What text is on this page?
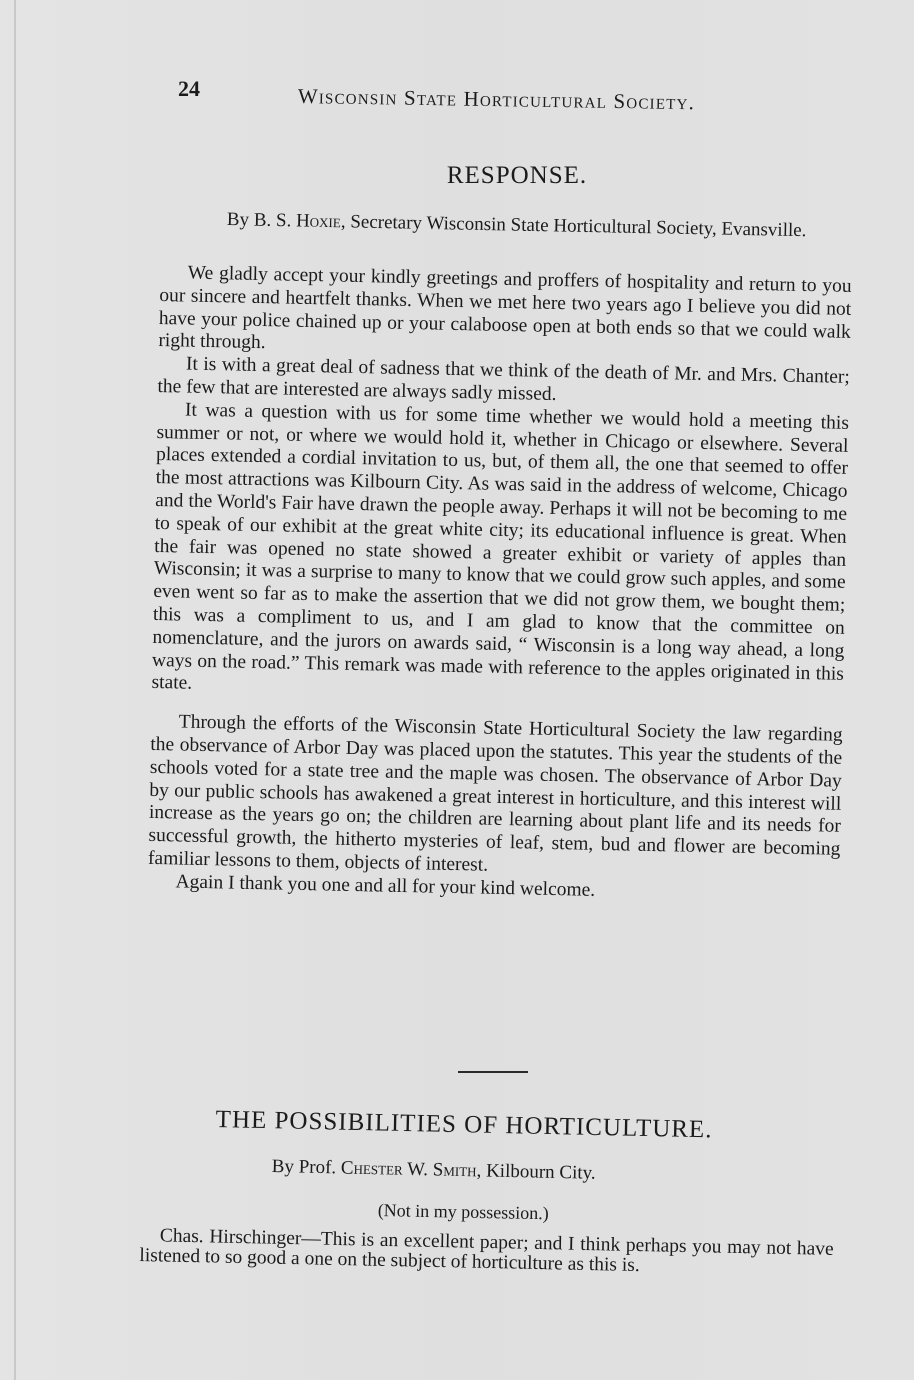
24	Wisconsin State Horticultural Society.
RESPONSE.
By B. S. Hoxie, Secretary Wisconsin State Horticultural Society, Evansville.

We gladly accept your kindly greetings and proffers of hospitality and return to you our sincere and heartfelt thanks. When we met here two years ago I believe you did not have your police chained up or your calaboose open at both ends so that we could walk right through.

It is with a great deal of sadness that we think of the death of Mr. and Mrs. Chanter; the few that are interested are always sadly missed.

It was a question with us for some time whether we would hold a meeting this summer or not, or where we would hold it, whether in Chicago or elsewhere. Several places extended a cordial invitation to us, but, of them all, the one that seemed to offer the most attractions was Kilbourn City. As was said in the address of welcome, Chicago and the World's Fair have drawn the people away. Perhaps it will not be becoming to me to speak of our exhibit at the great white city; its educational influence is great. When the fair was opened no state showed a greater exhibit or variety of apples than Wisconsin; it was a surprise to many to know that we could grow such apples, and some even went so far as to make the assertion that we did not grow them, we bought them; this was a compliment to us, and I am glad to know that the committee on nomenclature, and the jurors on awards said, “ Wisconsin is a long way ahead, a long ways on the road.” This remark was made with reference to the apples originated in this state.

Through the efforts of the Wisconsin State Horticultural Society the law regarding the observance of Arbor Day was placed upon the statutes. This year the students of the schools voted for a state tree and the maple was chosen. The observance of Arbor Day by our public schools has awakened a great interest in horticulture, and this interest will increase as the years go on; the children are learning about plant life and its needs for successful growth, the hitherto mysteries of leaf, stem, bud and flower are becoming familiar lessons to them, objects of interest.

Again I thank you one and all for your kind welcome.

THE POSSIBILITIES OF HORTICULTURE.
By Prof. Chester W. Smith, Kilbourn City.
(Not in my possession.)

Chas. Hirschinger—This is an excellent paper; and I think perhaps you may not have listened to so good a one on the subject of horticulture as this is.
